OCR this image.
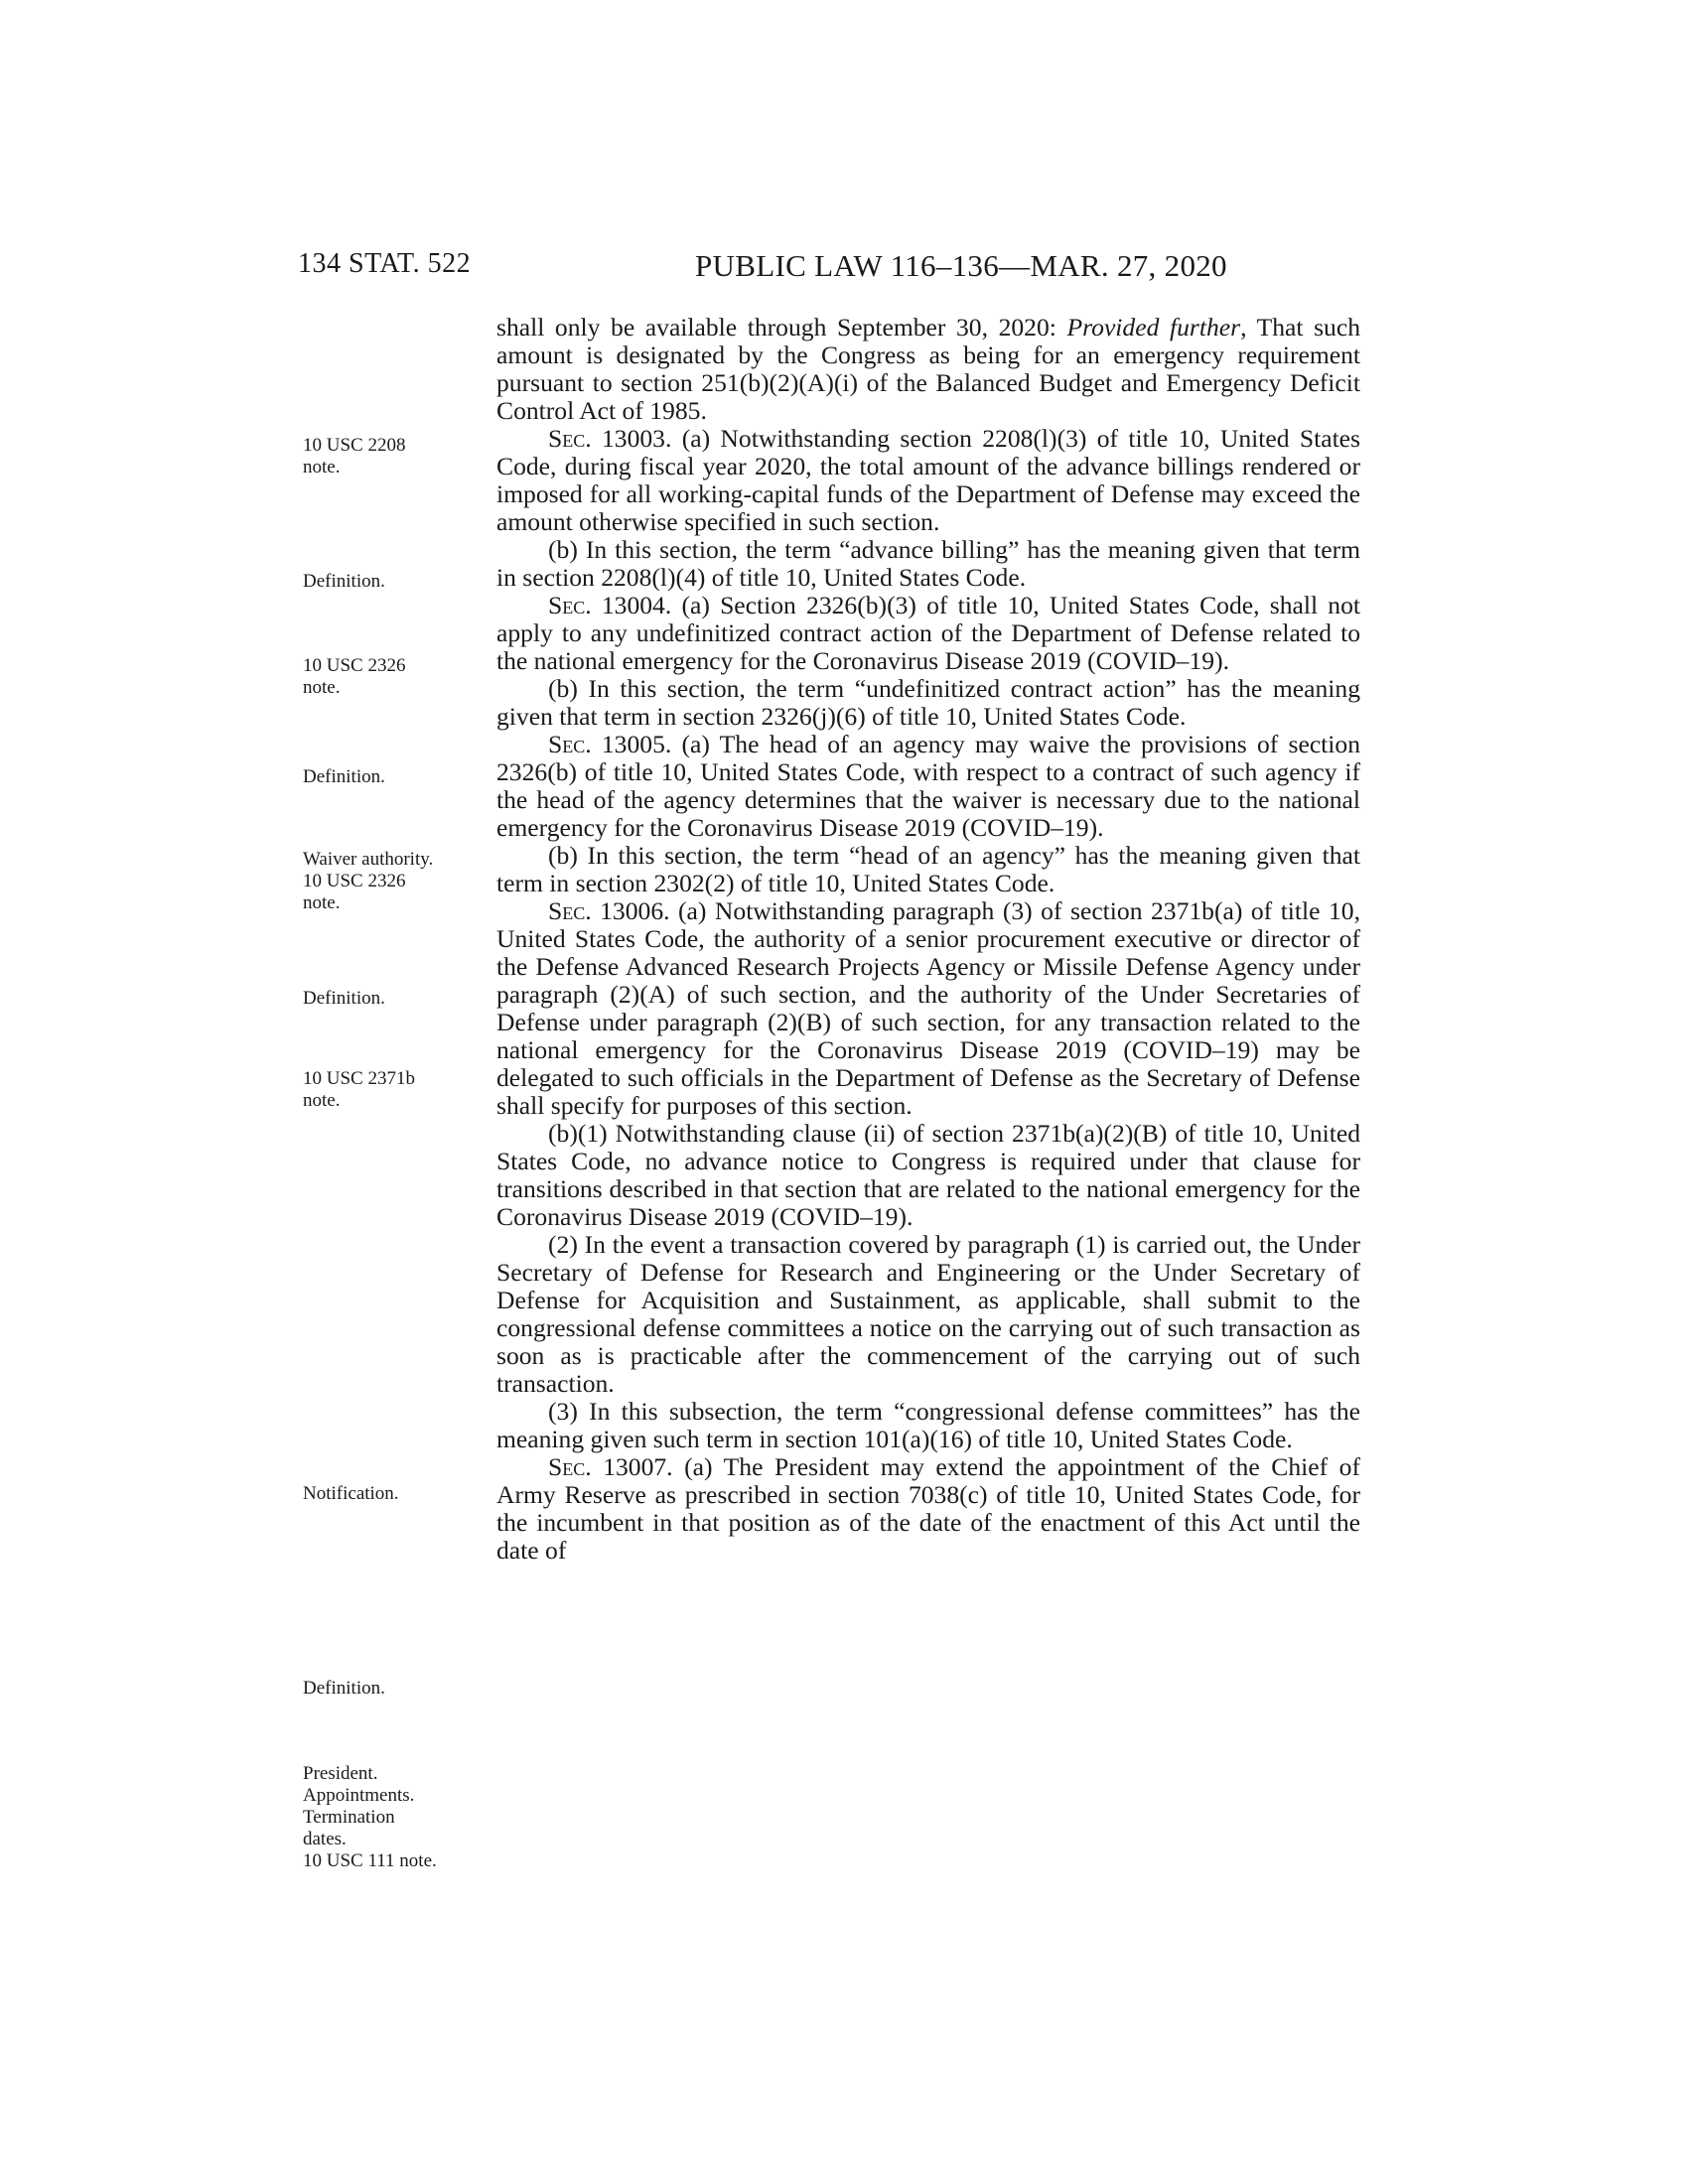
134 STAT. 522	PUBLIC LAW 116–136—MAR. 27, 2020
10 USC 2208
note.
Definition.
10 USC 2326
note.
Definition.
Waiver authority.
10 USC 2326
note.
Definition.
10 USC 2371b
note.
Notification.
Definition.
President.
Appointments.
Termination
dates.
10 USC 111 note.

shall only be available through September 30, 2020: Provided further, That such amount is designated by the Congress as being for an emergency requirement pursuant to section 251(b)(2)(A)(i) of the Balanced Budget and Emergency Deficit Control Act of 1985.

Sec. 13003. (a) Notwithstanding section 2208(l)(3) of title 10, United States Code, during fiscal year 2020, the total amount of the advance billings rendered or imposed for all working-capital funds of the Department of Defense may exceed the amount otherwise specified in such section.

(b) In this section, the term “advance billing” has the meaning given that term in section 2208(l)(4) of title 10, United States Code.

Sec. 13004. (a) Section 2326(b)(3) of title 10, United States Code, shall not apply to any undefinitized contract action of the Department of Defense related to the national emergency for the Coronavirus Disease 2019 (COVID–19).

(b) In this section, the term “undefinitized contract action” has the meaning given that term in section 2326(j)(6) of title 10, United States Code.

Sec. 13005. (a) The head of an agency may waive the provisions of section 2326(b) of title 10, United States Code, with respect to a contract of such agency if the head of the agency determines that the waiver is necessary due to the national emergency for the Coronavirus Disease 2019 (COVID–19).

(b) In this section, the term “head of an agency” has the meaning given that term in section 2302(2) of title 10, United States Code.

Sec. 13006. (a) Notwithstanding paragraph (3) of section 2371b(a) of title 10, United States Code, the authority of a senior procurement executive or director of the Defense Advanced Research Projects Agency or Missile Defense Agency under paragraph (2)(A) of such section, and the authority of the Under Secretaries of Defense under paragraph (2)(B) of such section, for any transaction related to the national emergency for the Coronavirus Disease 2019 (COVID–19) may be delegated to such officials in the Department of Defense as the Secretary of Defense shall specify for purposes of this section.

(b)(1) Notwithstanding clause (ii) of section 2371b(a)(2)(B) of title 10, United States Code, no advance notice to Congress is required under that clause for transitions described in that section that are related to the national emergency for the Coronavirus Disease 2019 (COVID–19).

(2) In the event a transaction covered by paragraph (1) is carried out, the Under Secretary of Defense for Research and Engineering or the Under Secretary of Defense for Acquisition and Sustainment, as applicable, shall submit to the congressional defense committees a notice on the carrying out of such transaction as soon as is practicable after the commencement of the carrying out of such transaction.

(3) In this subsection, the term “congressional defense committees” has the meaning given such term in section 101(a)(16) of title 10, United States Code.

Sec. 13007. (a) The President may extend the appointment of the Chief of Army Reserve as prescribed in section 7038(c) of title 10, United States Code, for the incumbent in that position as of the date of the enactment of this Act until the date of
